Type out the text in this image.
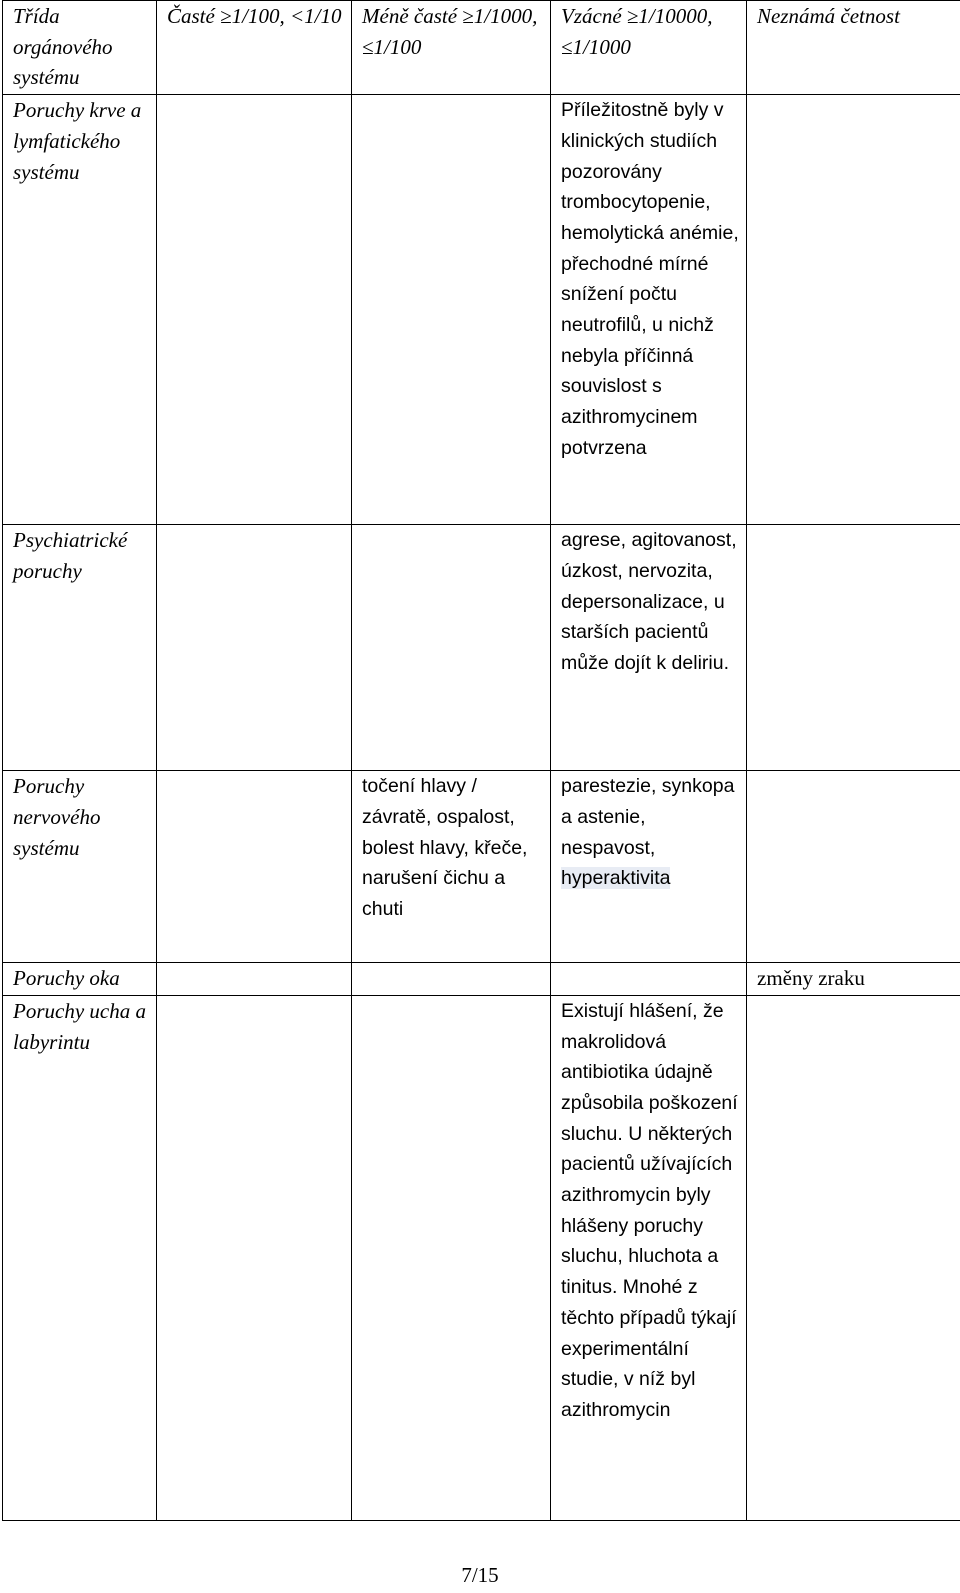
Třída orgánového systému	Časté ≥1/100, <1/10	Méně časté ≥1/1000, ≤1/100	Vzácné ≥1/10000, ≤1/1000	Neznámá četnost
Poruchy krve a lymfatického systému			Příležitostně byly v klinických studiích pozorovány trombocytopenie, hemolytická anémie, přechodné mírné snížení počtu neutrofilů, u nichž nebyla příčinná souvislost s azithromycinem potvrzena	
Psychiatrické poruchy			agrese, agitovanost, úzkost, nervozita, depersonalizace, u starších pacientů může dojít k deliriu.	
Poruchy nervového systému		točení hlavy / závratě, ospalost, bolest hlavy, křeče, narušení čichu a chuti	parestezie, synkopa a astenie, nespavost, hyperaktivita	
Poruchy oka				změny zraku
Poruchy ucha a labyrintu			Existují hlášení, že makrolidová antibiotika údajně způsobila poškození sluchu. U některých pacientů užívajících azithromycin byly hlášeny poruchy sluchu, hluchota a tinitus. Mnohé z těchto případů týkají experimentální studie, v níž byl azithromycin	
7/15
